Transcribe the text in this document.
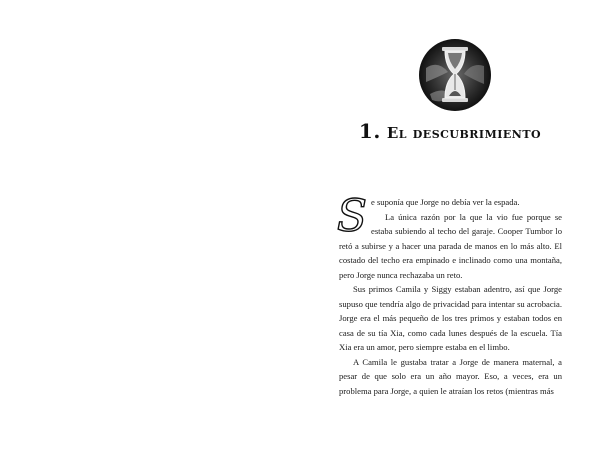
1. El descubrimiento

S e suponía que Jorge no debía ver la espada.

La única razón por la que la vio fue porque se estaba subiendo al techo del garaje. Cooper Tumbor lo retó a subirse y a hacer una parada de manos en lo más alto. El costado del techo era empinado e inclinado como una montaña, pero Jorge nunca rechazaba un reto.

Sus primos Camila y Siggy estaban adentro, así que Jorge supuso que tendría algo de privacidad para intentar su acrobacia. Jorge era el más pequeño de los tres primos y estaban todos en casa de su tía Xia, como cada lunes después de la escuela. Tía Xia era un amor, pero siempre estaba en el limbo.

A Camila le gustaba tratar a Jorge de manera maternal, a pesar de que solo era un año mayor. Eso, a veces, era un problema para Jorge, a quien le atraían los retos (mientras más
